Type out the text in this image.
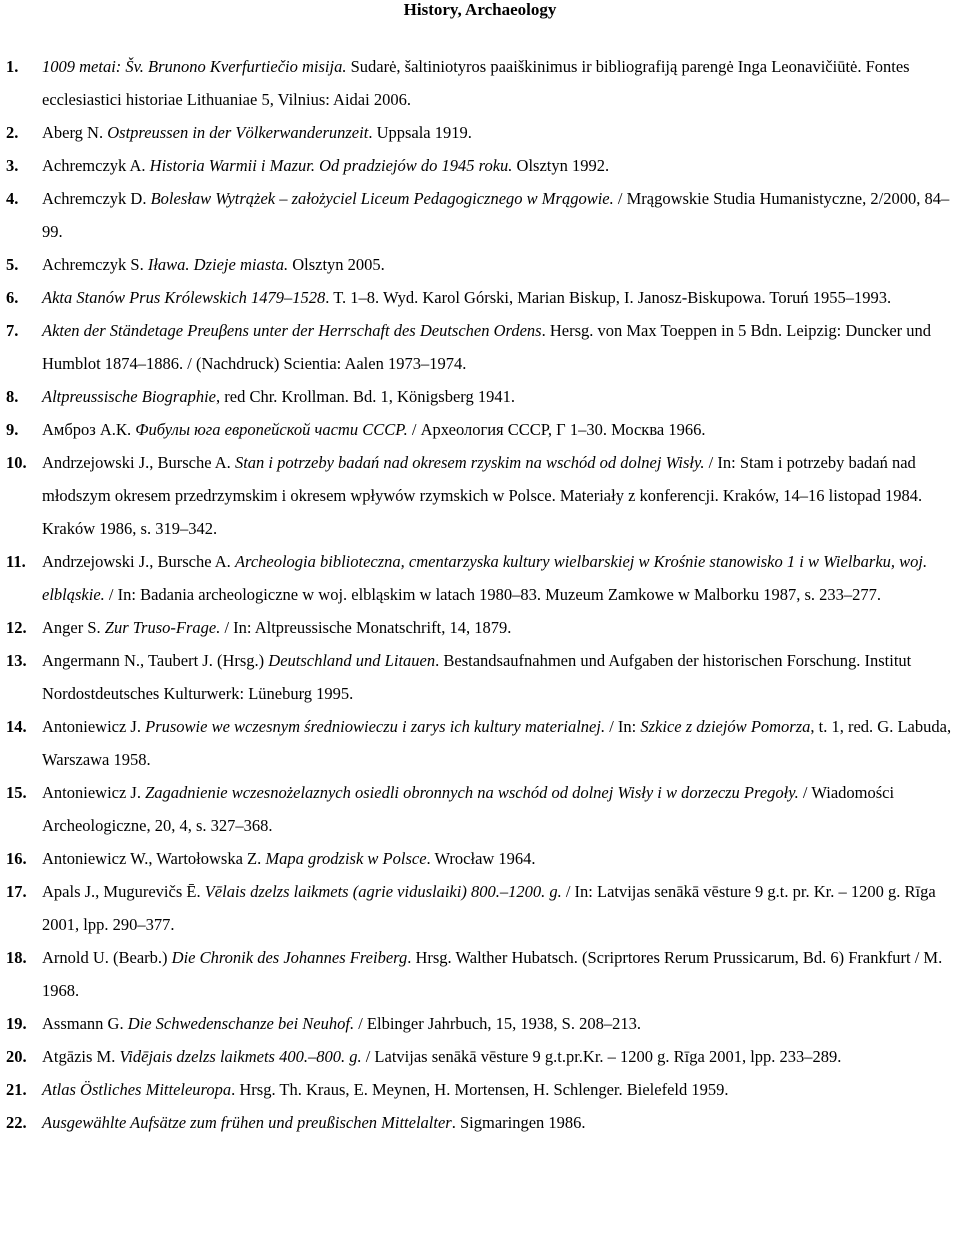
History, Archaeology
1. 1009 metai: Šv. Brunono Kverfurtiečio misija. Sudarė, šaltiniotyros paaiškinimus ir bibliografiją parengė Inga Leonavičiūtė. Fontes ecclesiastici historiae Lithuaniae 5, Vilnius: Aidai 2006.
2. Aberg N. Ostpreussen in der Völkerwanderunzeit. Uppsala 1919.
3. Achremczyk A. Historia Warmii i Mazur. Od pradziejów do 1945 roku. Olsztyn 1992.
4. Achremczyk D. Bolesław Wytrążek – założyciel Liceum Pedagogicznego w Mrągowie. / Mrągowskie Studia Humanistyczne, 2/2000, 84–99.
5. Achremczyk S. Iława. Dzieje miasta. Olsztyn 2005.
6. Akta Stanów Prus Królewskich 1479–1528. T. 1–8. Wyd. Karol Górski, Marian Biskup, I. Janosz-Biskupowa. Toruń 1955–1993.
7. Akten der Ständetage Preuβens unter der Herrschaft des Deutschen Ordens. Hersg. von Max Toeppen in 5 Bdn. Leipzig: Duncker und Humblot 1874–1886. / (Nachdruck) Scientia: Aalen 1973–1974.
8. Altpreussische Biographie, red Chr. Krollman. Bd. 1, Königsberg 1941.
9. Амброз А.К. Фибулы юга европейской части СССР. / Археология СССР, Г 1–30. Москва 1966.
10. Andrzejowski J., Bursche A. Stan i potrzeby badań nad okresem rzyskim na wschód od dolnej Wisły. / In: Stam i potrzeby badań nad młodszym okresem przedrzymskim i okresem wpływów rzymskich w Polsce. Materiały z konferencji. Kraków, 14–16 listopad 1984. Kraków 1986, s. 319–342.
11. Andrzejowski J., Bursche A. Archeologia biblioteczna, cmentarzyska kultury wielbarskiej w Krośnie stanowisko 1 i w Wielbarku, woj. elbląskie. / In: Badania archeologiczne w woj. elbląskim w latach 1980–83. Muzeum Zamkowe w Malborku 1987, s. 233–277.
12. Anger S. Zur Truso-Frage. / In: Altpreussische Monatschrift, 14, 1879.
13. Angermann N., Taubert J. (Hrsg.) Deutschland und Litauen. Bestandsaufnahmen und Aufgaben der historischen Forschung. Institut Nordostdeutsches Kulturwerk: Lüneburg 1995.
14. Antoniewicz J. Prusowie we wczesnym średniowieczu i zarys ich kultury materialnej. / In: Szkice z dziejów Pomorza, t. 1, red. G. Labuda, Warszawa 1958.
15. Antoniewicz J. Zagadnienie wczesnożelaznych osiedli obronnych na wschód od dolnej Wisły i w dorzeczu Pregoły. / Wiadomości Archeologiczne, 20, 4, s. 327–368.
16. Antoniewicz W., Wartołowska Z. Mapa grodzisk w Polsce. Wrocław 1964.
17. Apals J., Mugurevičs Ē. Vēlais dzelzs laikmets (agrie viduslaiki) 800.–1200. g. / In: Latvijas senākā vēsture 9 g.t. pr. Kr. – 1200 g. Rīga 2001, lpp. 290–377.
18. Arnold U. (Bearb.) Die Chronik des Johannes Freiberg. Hrsg. Walther Hubatsch. (Scriprtores Rerum Prussicarum, Bd. 6) Frankfurt / M. 1968.
19. Assmann G. Die Schwedenschanze bei Neuhof. / Elbinger Jahrbuch, 15, 1938, S. 208–213.
20. Atgāzis M. Vidējais dzelzs laikmets 400.–800. g. / Latvijas senākā vēsture 9 g.t.pr.Kr. – 1200 g. Rīga 2001, lpp. 233–289.
21. Atlas Östliches Mitteleuropa. Hrsg. Th. Kraus, E. Meynen, H. Mortensen, H. Schlenger. Bielefeld 1959.
22. Ausgewählte Aufsätze zum frühen und preußischen Mittelalter. Sigmaringen 1986.
